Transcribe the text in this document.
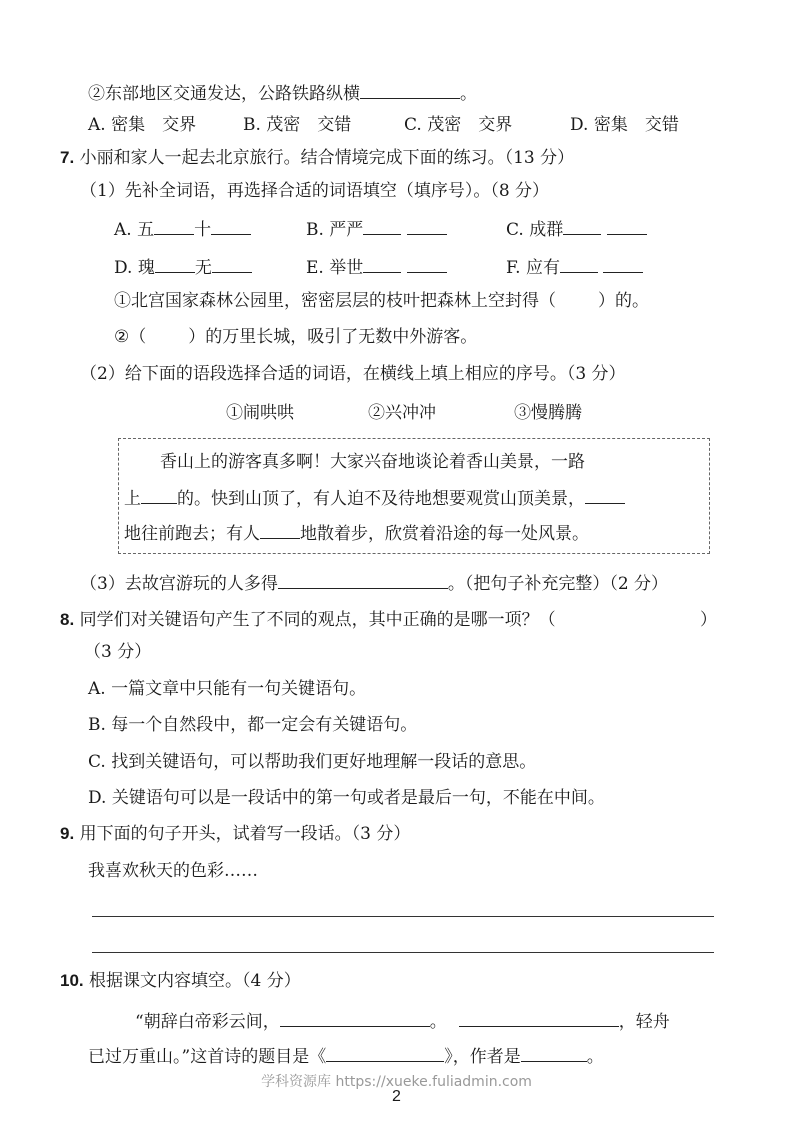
②东部地区交通发达，公路铁路纵横	。
A. 密集　交界	B. 茂密　交错	C. 茂密　交界	D. 密集　交错
7. 小丽和家人一起去北京旅行。结合情境完成下面的练习。（13 分）
（1）先补全词语，再选择合适的词语填空（填序号）。（8 分）
A. 五 十	B. 严严	C. 成群
D. 瑰 无	E. 举世	F. 应有
①北宫国家森林公园里，密密层层的枝叶把森林上空封得（ ）的。
②（ ）的万里长城，吸引了无数中外游客。
（2）给下面的语段选择合适的词语，在横线上填上相应的序号。（3 分）
①闹哄哄	②兴冲冲	③慢腾腾
香山上的游客真多啊！大家兴奋地谈论着香山美景，一路
上 的。快到山顶了，有人迫不及待地想要观赏山顶美景，
地往前跑去；有人 地散着步，欣赏着沿途的每一处风景。
（3）去故宫游玩的人多得	。（把句子补充完整）（2 分）
8. 同学们对关键语句产生了不同的观点，其中正确的是哪一项？（	）
（3 分）
A. 一篇文章中只能有一句关键语句。
B. 每一个自然段中，都一定会有关键语句。
C. 找到关键语句，可以帮助我们更好地理解一段话的意思。
D. 关键语句可以是一段话中的第一句或者是最后一句，不能在中间。
9. 用下面的句子开头，试着写一段话。（3 分）
我喜欢秋天的色彩……
10. 根据课文内容填空。（4 分）
“朝辞白帝彩云间，	。	，轻舟
已过万重山。”这首诗的题目是《	》，作者是	。
学科资源库 https://xueke.fuliadmin.com
2
